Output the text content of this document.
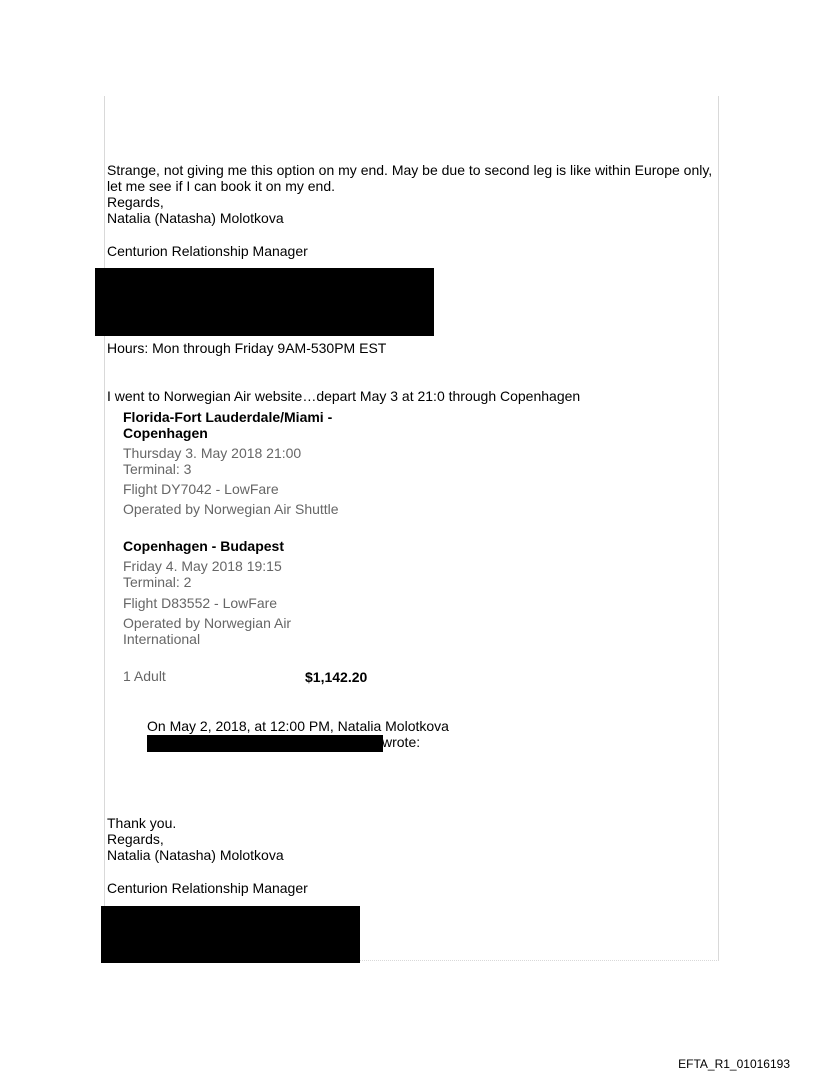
Strange, not giving me this option on my end. May be due to second leg is like within Europe only,
let me see if I can book it on my end.
Regards,
Natalia (Natasha) Molotkova
Centurion Relationship Manager
Hours: Mon through Friday 9AM-530PM EST
I went to Norwegian Air website…depart May 3 at 21:0 through Copenhagen
Florida-Fort Lauderdale/Miami -
Copenhagen
Thursday 3. May 2018 21:00
Terminal: 3
Flight DY7042 - LowFare
Operated by Norwegian Air Shuttle
Copenhagen - Budapest
Friday 4. May 2018 19:15
Terminal: 2
Flight D83552 - LowFare
Operated by Norwegian Air
International
1 Adult	$1,142.20
On May 2, 2018, at 12:00 PM, Natalia Molotkova
wrote:
Thank you.
Regards,
Natalia (Natasha) Molotkova
Centurion Relationship Manager
EFTA_R1_01016193
